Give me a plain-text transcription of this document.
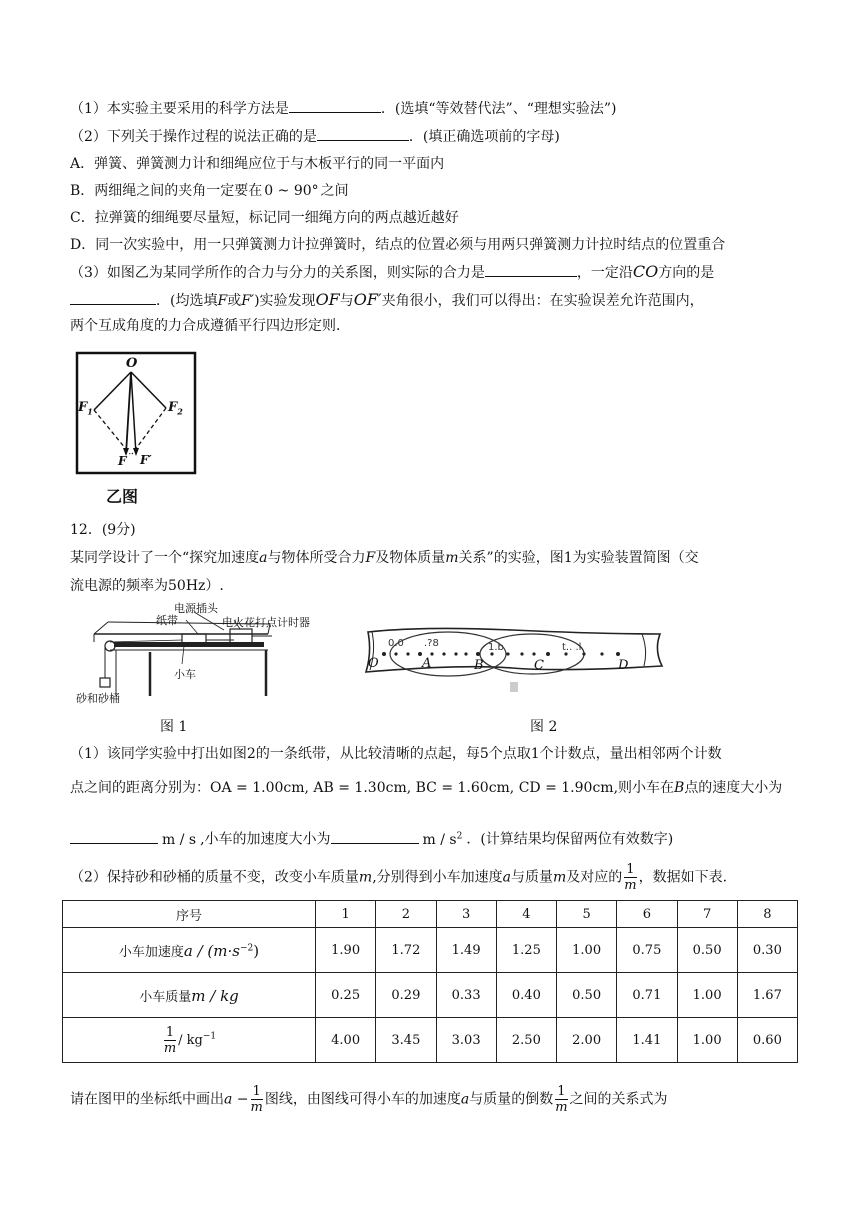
（1）本实验主要采用的科学方法是	．(选填“等效替代法”、“理想实验法”)
（2）下列关于操作过程的说法正确的是	．(填正确选项前的字母)
A．弹簧、弹簧测力计和细绳应位于与木板平行的同一平面内
B．两细绳之间的夹角一定要在 0 ~ 90° 之间
C．拉弹簧的细绳要尽量短，标记同一细绳方向的两点越近越好
D．同一次实验中，用一只弹簧测力计拉弹簧时，结点的位置必须与用两只弹簧测力计拉时结点的位置重合
（3）如图乙为某同学所作的合力与分力的关系图，则实际的合力是	，一定沿CO方向的是
．(均选填F或F′)实验发现OF与OF′夹角很小，我们可以得出：在实验误差允许范围内，
两个互成角度的力合成遵循平行四边形定则．
O
$F_1$	$F_2$
F F′
乙图
12．(9分)
某同学设计了一个“探究加速度a与物体所受合力F及物体质量m关系”的实验，图1为实验装置简图（交
流电源的频率为50Hz）.
电源插头
纸带	电火花打点计时器
小车
砂和砂桶
图 1
0.0 .?8	1.b	t.. .l
O	A	B	C	D
图 2
（1）该同学实验中打出如图2的一条纸带，从比较清晰的点起，每5个点取1个计数点，量出相邻两个计数
点之间的距离分别为：OA = 1.00cm, AB = 1.30cm, BC = 1.60cm, CD = 1.90cm,则小车在B点的速度大小为
m / s ,小车的加速度大小为	m / $s^2$ ．(计算结果均保留两位有效数字)
（2）保持砂和砂桶的质量不变，改变小车质量m,分别得到小车加速度a与质量m及对应的 $\frac{1}{m}$ ，数据如下表.
序号	1	2	3	4	5	6	7	8
小车加速度$a / (m\cdot s^{-2})$	1.90	1.72	1.49	1.25	1.00	0.75	0.50	0.30
小车质量m / kg	0.25	0.29	0.33	0.40	0.50	0.71	1.00	1.67

$\frac{1}{m} / kg^{-1}$	4.00	3.45	3.03	2.50	2.00	1.41	1.00	0.60
请在图甲的坐标纸中画出$a - \frac{1}{m}$ 图线，由图线可得小车的加速度a与质量的倒数 $\frac{1}{m}$ 之间的关系式为
